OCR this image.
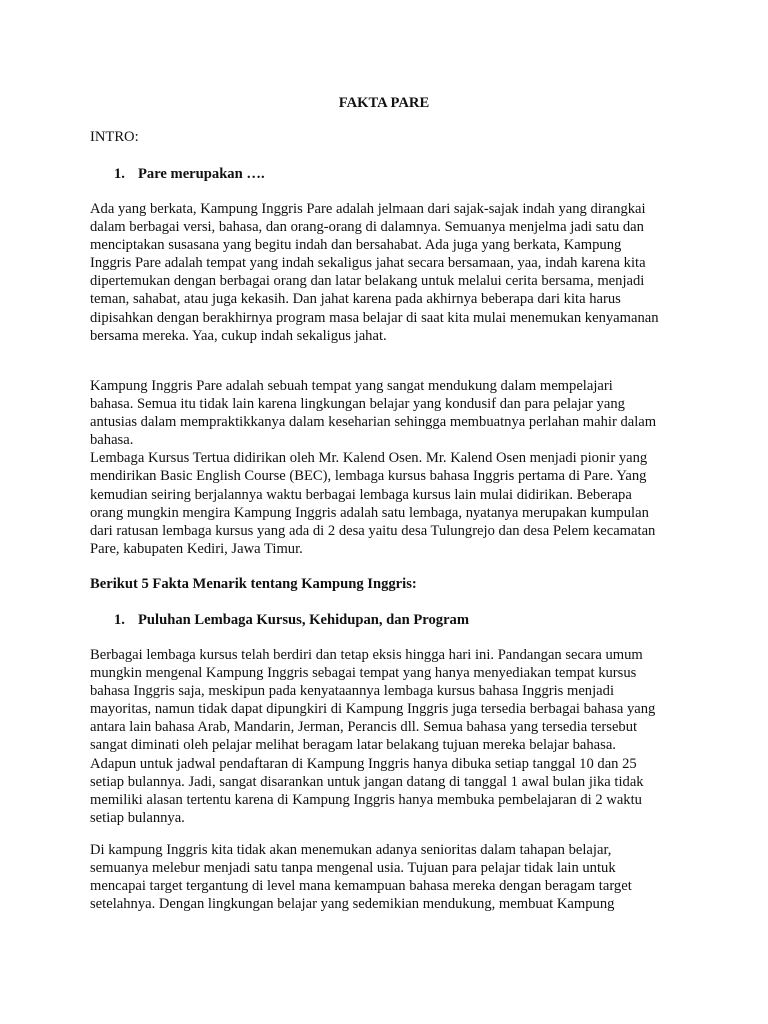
FAKTA PARE
INTRO:
1. Pare merupakan ….
Ada yang berkata, Kampung Inggris Pare adalah jelmaan dari sajak-sajak indah yang dirangkai
dalam berbagai versi, bahasa, dan orang-orang di dalamnya. Semuanya menjelma jadi satu dan
menciptakan susasana yang begitu indah dan bersahabat. Ada juga yang berkata, Kampung
Inggris Pare adalah tempat yang indah sekaligus jahat secara bersamaan, yaa, indah karena kita
dipertemukan dengan berbagai orang dan latar belakang untuk melalui cerita bersama, menjadi
teman, sahabat, atau juga kekasih. Dan jahat karena pada akhirnya beberapa dari kita harus
dipisahkan dengan berakhirnya program masa belajar di saat kita mulai menemukan kenyamanan
bersama mereka. Yaa, cukup indah sekaligus jahat.
Kampung Inggris Pare adalah sebuah tempat yang sangat mendukung dalam mempelajari
bahasa. Semua itu tidak lain karena lingkungan belajar yang kondusif dan para pelajar yang
antusias dalam mempraktikkanya dalam keseharian sehingga membuatnya perlahan mahir dalam
bahasa.
Lembaga Kursus Tertua didirikan oleh Mr. Kalend Osen. Mr. Kalend Osen menjadi pionir yang
mendirikan Basic English Course (BEC), lembaga kursus bahasa Inggris pertama di Pare. Yang
kemudian seiring berjalannya waktu berbagai lembaga kursus lain mulai didirikan. Beberapa
orang mungkin mengira Kampung Inggris adalah satu lembaga, nyatanya merupakan kumpulan
dari ratusan lembaga kursus yang ada di 2 desa yaitu desa Tulungrejo dan desa Pelem kecamatan
Pare, kabupaten Kediri, Jawa Timur.
Berikut 5 Fakta Menarik tentang Kampung Inggris:
1. Puluhan Lembaga Kursus, Kehidupan, dan Program
Berbagai lembaga kursus telah berdiri dan tetap eksis hingga hari ini. Pandangan secara umum
mungkin mengenal Kampung Inggris sebagai tempat yang hanya menyediakan tempat kursus
bahasa Inggris saja, meskipun pada kenyataannya lembaga kursus bahasa Inggris menjadi
mayoritas, namun tidak dapat dipungkiri di Kampung Inggris juga tersedia berbagai bahasa yang
antara lain bahasa Arab, Mandarin, Jerman, Perancis dll. Semua bahasa yang tersedia tersebut
sangat diminati oleh pelajar melihat beragam latar belakang tujuan mereka belajar bahasa.
Adapun untuk jadwal pendaftaran di Kampung Inggris hanya dibuka setiap tanggal 10 dan 25
setiap bulannya. Jadi, sangat disarankan untuk jangan datang di tanggal 1 awal bulan jika tidak
memiliki alasan tertentu karena di Kampung Inggris hanya membuka pembelajaran di 2 waktu
setiap bulannya.
Di kampung Inggris kita tidak akan menemukan adanya senioritas dalam tahapan belajar,
semuanya melebur menjadi satu tanpa mengenal usia. Tujuan para pelajar tidak lain untuk
mencapai target tergantung di level mana kemampuan bahasa mereka dengan beragam target
setelahnya. Dengan lingkungan belajar yang sedemikian mendukung, membuat Kampung
